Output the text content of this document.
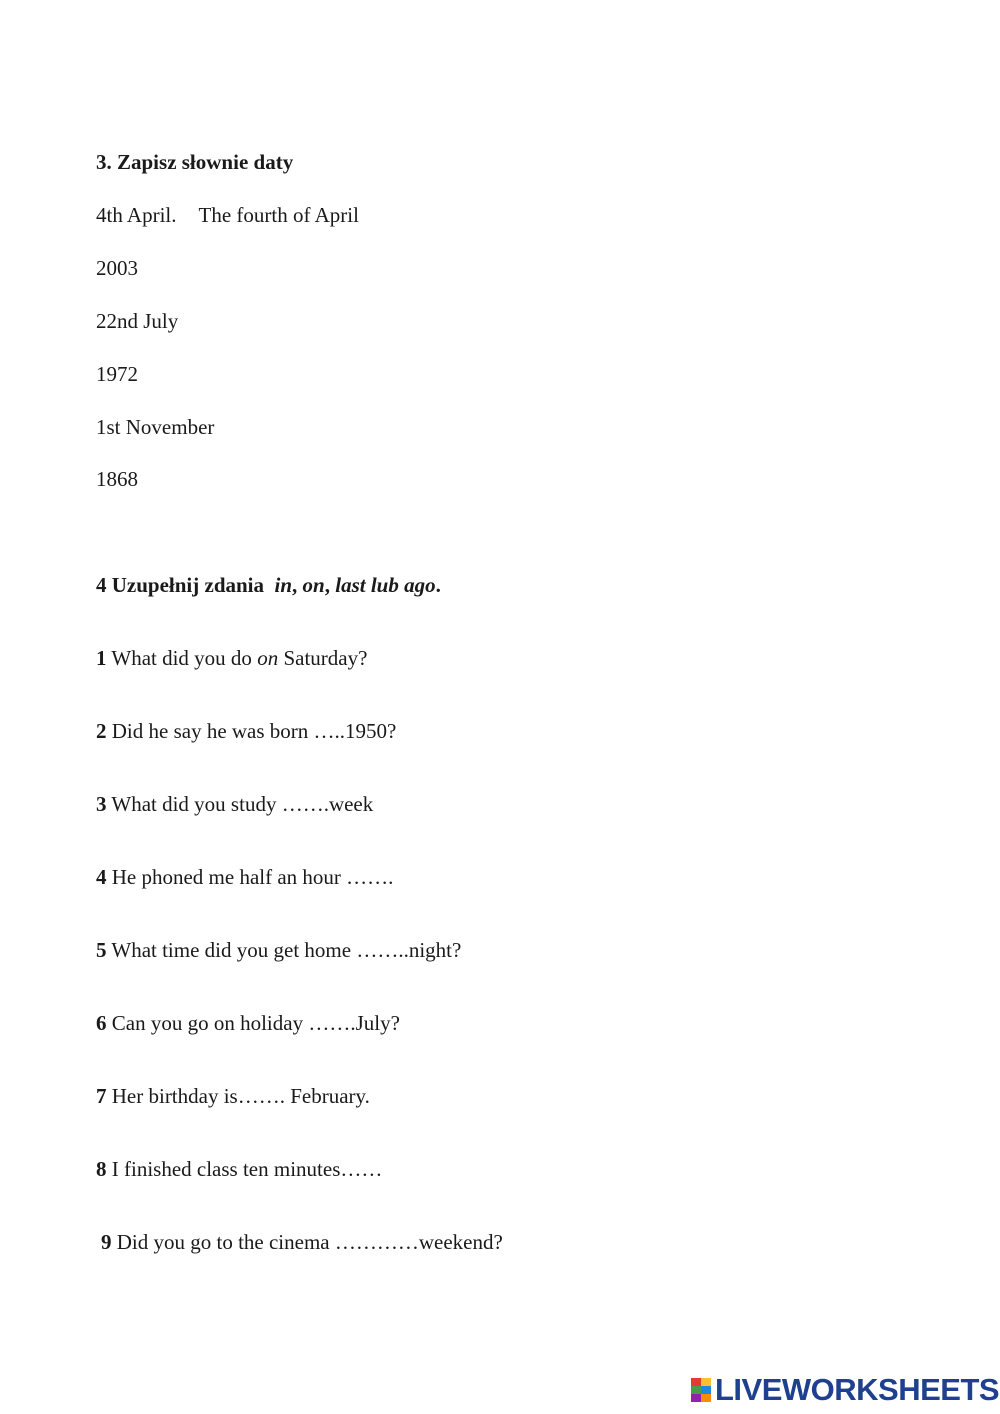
3. Zapisz słownie daty
4th April. The fourth of April
2003
22nd July
1972
1st November
1868
4 Uzupełnij zdania  in, on, last lub ago.
1 What did you do on Saturday?
2 Did he say he was born …..1950?
3 What did you study …….week
4 He phoned me half an hour …….
5 What time did you get home ……..night?
6 Can you go on holiday …….July?
7 Her birthday is……. February.
8 I finished class ten minutes……
9 Did you go to the cinema …………weekend?
LIVEWORKSHEETS
